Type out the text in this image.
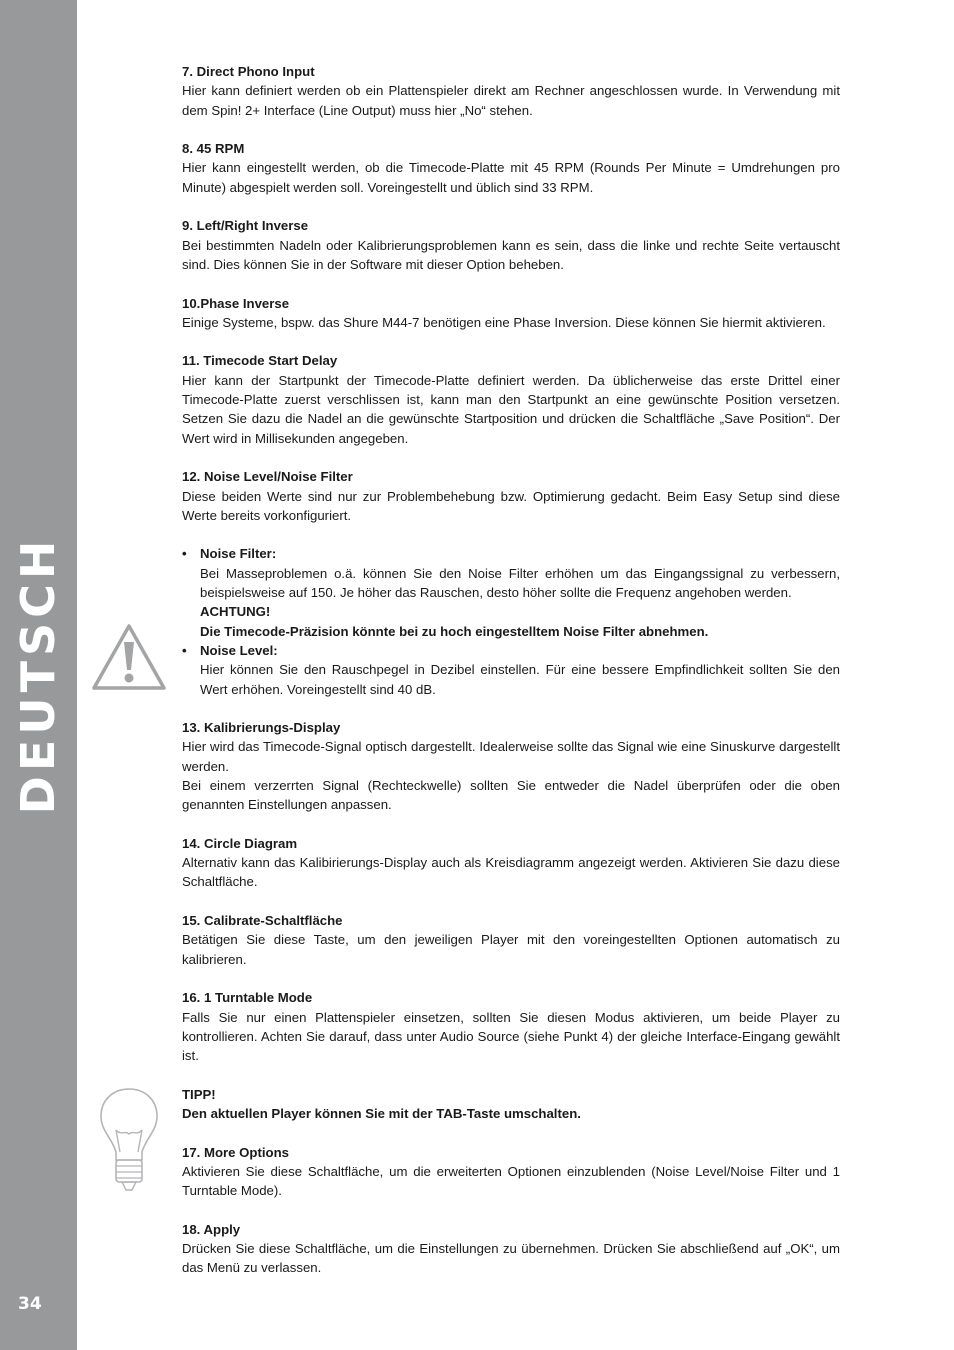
DEUTSCH
34
7. Direct Phono Input

Hier kann definiert werden ob ein Plattenspieler direkt am Rechner angeschlossen wurde. In Verwendung mit dem Spin! 2+ Interface (Line Output) muss hier „No“ stehen.

8. 45 RPM

Hier kann eingestellt werden, ob die Timecode-Platte mit 45 RPM (Rounds Per Minute = Umdrehungen pro Minute) abgespielt werden soll. Voreingestellt und üblich sind 33 RPM.

9. Left/Right Inverse

Bei bestimmten Nadeln oder Kalibrierungsproblemen kann es sein, dass die linke und rechte Seite vertauscht sind. Dies können Sie in der Software mit dieser Option beheben.

10.Phase Inverse

Einige Systeme, bspw. das Shure M44-7 benötigen eine Phase Inversion. Diese können Sie hiermit aktivieren.

11. Timecode Start Delay

Hier kann der Startpunkt der Timecode-Platte definiert werden. Da üblicherweise das erste Drittel einer Timecode-Platte zuerst verschlissen ist, kann man den Startpunkt an eine gewünschte Position versetzen. Setzen Sie dazu die Nadel an die gewünschte Startposition und drücken die Schaltfläche „Save Position“. Der Wert wird in Millisekunden angegeben.

12. Noise Level/Noise Filter

Diese beiden Werte sind nur zur Problembehebung bzw. Optimierung gedacht. Beim Easy Setup sind diese Werte bereits vorkonfiguriert.

• Noise Filter:

Bei Masseproblemen o.ä. können Sie den Noise Filter erhöhen um das Eingangssignal zu verbessern, beispielsweise auf 150. Je höher das Rauschen, desto höher sollte die Frequenz angehoben werden.

ACHTUNG!
Die Timecode-Präzision könnte bei zu hoch eingestelltem Noise Filter abnehmen.
• Noise Level:

Hier können Sie den Rauschpegel in Dezibel einstellen. Für eine bessere Empfindlichkeit sollten Sie den Wert erhöhen. Voreingestellt sind 40 dB.

13. Kalibrierungs-Display

Hier wird das Timecode-Signal optisch dargestellt. Idealerweise sollte das Signal wie eine Sinuskurve dargestellt werden.

Bei einem verzerrten Signal (Rechteckwelle) sollten Sie entweder die Nadel überprüfen oder die oben genannten Einstellungen anpassen.

14. Circle Diagram

Alternativ kann das Kalibirierungs-Display auch als Kreisdiagramm angezeigt werden. Aktivieren Sie dazu diese Schaltfläche.

15. Calibrate-Schaltfläche

Betätigen Sie diese Taste, um den jeweiligen Player mit den voreingestellten Optionen automatisch zu kalibrieren.

16. 1 Turntable Mode

Falls Sie nur einen Plattenspieler einsetzen, sollten Sie diesen Modus aktivieren, um beide Player zu kontrollieren. Achten Sie darauf, dass unter Audio Source (siehe Punkt 4) der gleiche Interface-Eingang gewählt ist.

TIPP!
Den aktuellen Player können Sie mit der TAB-Taste umschalten.
17. More Options

Aktivieren Sie diese Schaltfläche, um die erweiterten Optionen einzublenden (Noise Level/Noise Filter und 1 Turntable Mode).

18. Apply

Drücken Sie diese Schaltfläche, um die Einstellungen zu übernehmen. Drücken Sie abschließend auf „OK“, um das Menü zu verlassen.
